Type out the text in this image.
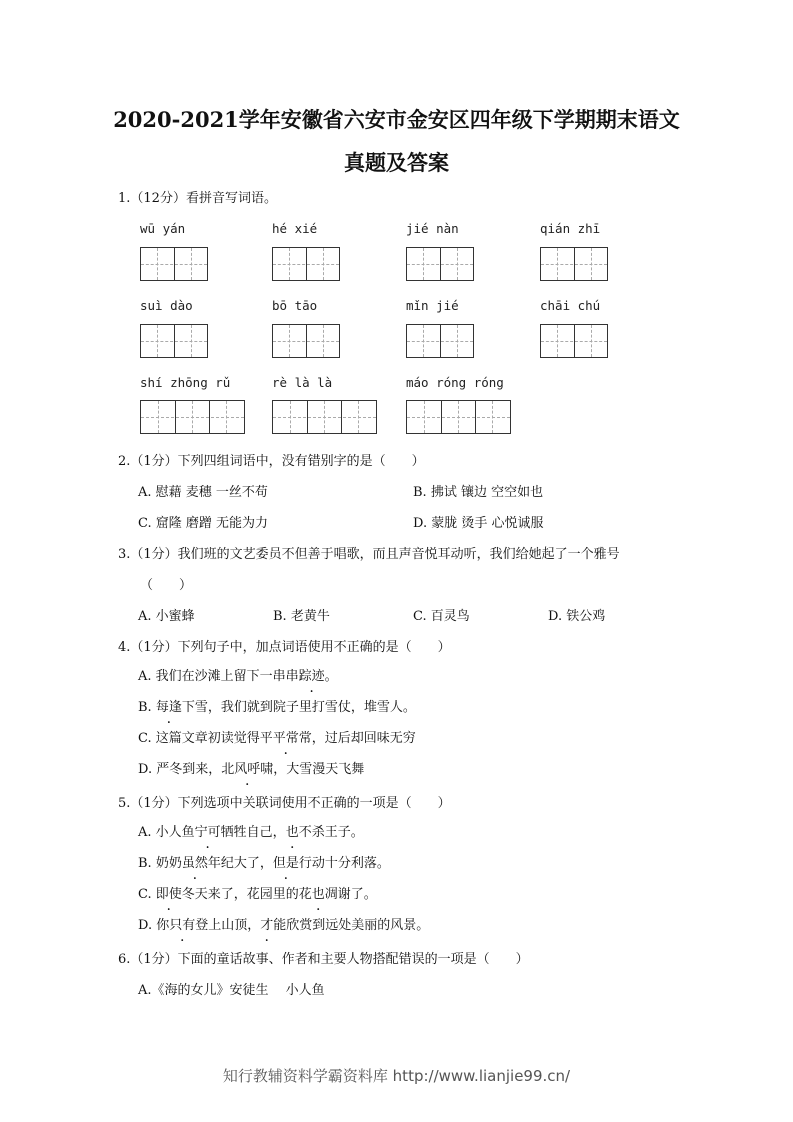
2020-2021学年安徽省六安市金安区四年级下学期期末语文
真题及答案
1.（12分）看拼音写词语。
wū yán	hé xié	jié nàn	qián zhī
suì dào	bō tāo	mǐn jié	chāi chú
shí zhōng rǔ	rè là là	máo róng róng
2.（1分）下列四组词语中，没有错别字的是（　　）
A. 慰藉 麦穗 一丝不苟	B. 拂试 镶边 空空如也
C. 窟隆 磨蹭 无能为力	D. 蒙胧 烫手 心悦诚服
3.（1分）我们班的文艺委员不但善于唱歌，而且声音悦耳动听，我们给她起了一个雅号
（　　）
A. 小蜜蜂	B. 老黄牛	C. 百灵鸟	D. 铁公鸡
4.（1分）下列句子中，加点词语使用不正确的是（　　）
A. 我们在沙滩上留下一串串踪迹。
B. 每逢下雪，我们就到院子里打雪仗，堆雪人。
C. 这篇文章初读觉得平平常常，过后却回味无穷
D. 严冬到来，北风呼啸，大雪漫天飞舞
5.（1分）下列选项中关联词使用不正确的一项是（　　）
A. 小人鱼宁可牺牲自己，也不杀王子。
B. 奶奶虽然年纪大了，但是行动十分利落。
C. 即使冬天来了，花园里的花也凋谢了。
D. 你只有登上山顶，才能欣赏到远处美丽的风景。
6.（1分）下面的童话故事、作者和主要人物搭配错误的一项是（　　）
A.《海的女儿》安徒生　 小人鱼
知行教辅资料学霸资料库 http://www.lianjie99.cn/
